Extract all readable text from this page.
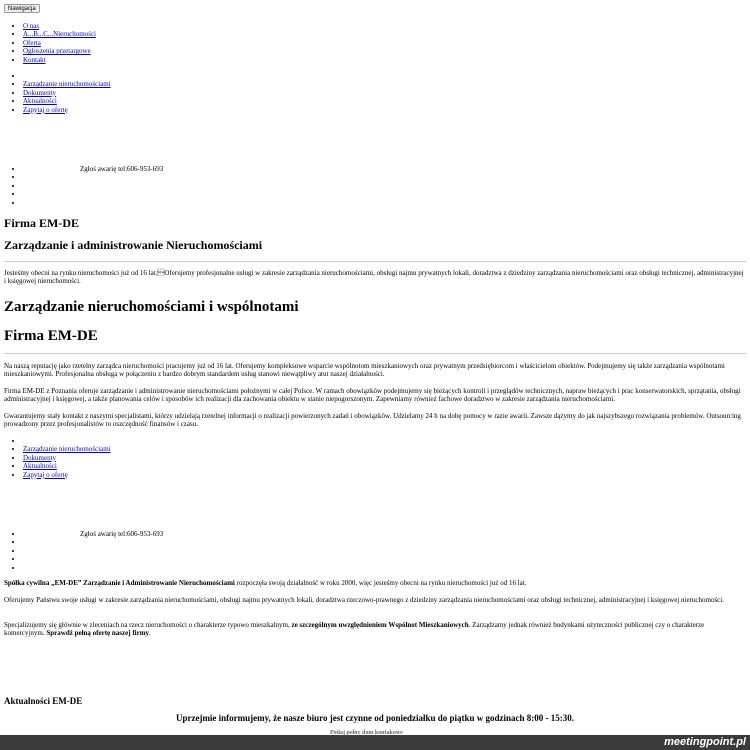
Nawigacja
• O nas
• A...B...C...Nieruchomości
• Oferta
• Ogłoszenia przetargowe
• Kontakt
•
• Zarządzanie nieruchomościami
• Dokumenty
• Aktualności
• Zapytaj o ofertę
•
•
•
•
•
Zgłoś awarię tel:606-953-693
Firma EM-DE
Zarządzanie i administrowanie Nieruchomościami

Jesteśmy obecni na rynku nieruchomości już od 16 lat.Oferujemy profesjonalne usługi w zakresie zarządzania nieruchomościami, obsługi najmu prywatnych lokali, doradztwa z dziedziny zarządzania nieruchomościami oraz obsługi technicznej, administracyjnej i księgowej nieruchomości.

Zarządzanie nieruchomościami i wspólnotami
Firma EM-DE

Na naszą reputację jako rzetelny zarządca nieruchomości pracujemy już od 16 lat. Oferujemy kompleksowe wsparcie wspólnotom mieszkaniowych oraz prywatnym przedsiębiorcom i właścicielom obiektów. Podejmujemy się także zarządzania wspólnotami mieszkaniowymi. Profesjonalna obsługa w połączeniu z bardzo dobrym standardem usług stanowi niewątpliwy atut naszej działalności.

Firma EM-DE z Poznania oferuje zarządzanie i administrowanie nieruchomościami położnymi w całej Polsce. W ramach obowiązków podejmujemy się bieżących kontroli i przeglądów technicznych, napraw bieżących i prac konserwatorskich, sprzątania, obsługi administracyjnej i księgowej, a także planowania celów i sposobów ich realizacji dla zachowania obiektu w stanie niepogorszonym. Zapewniamy również fachowe doradztwo w zakresie zarządzania nieruchomościami.

Gwarantujemy stały kontakt z naszymi specjalistami, którzy udzielają rzetelnej informacji o realizacji powierzonych zadań i obowiązków. Udzielamy 24 h na dobę pomocy w razie awarii. Zawsze dążymy do jak najszybszego rozwiązania problemów. Outsourcing prowadzony przez profesjonalistów to oszczędność finansów i czasu.

•
• Zarządzanie nieruchomościami
• Dokumenty
• Aktualności
• Zapytaj o ofertę
•
•
•
•
•
Zgłoś awarię tel:606-953-693

Spółka cywilna „EM-DE” Zarządzanie i Administrowanie Nieruchomościami rozpoczęła swoją działalność w roku 2000, więc jesteśmy obecni na rynku nieruchomości już od 16 lat.

Oferujemy Państwu swoje usługi w zakresie zarządzania nieruchomościami, obsługi najmu prywatnych lokali, doradztwa rzeczowo-prawnego z dziedziny zarządzania nieruchomościami oraz obsługi technicznej, administracyjnej i księgowej nieruchomości.

Specjalizujemy się głównie w zleceniach na rzecz nieruchomości o charakterze typowo mieszkalnym, ze szczególnym uwzględnieniem Wspólnot Mieszkaniowych. Zarządzamy jednak również budynkami użyteczności publicznej czy o charakterze komercyjnym. Sprawdź pełną ofertę naszej firmy.

Aktualności EM-DE
Uprzejmie informujemy, że nasze biuro jest czynne od poniedziałku do piątku w godzinach 8:00 - 15:30.
Podaj pełny dom kontakowe
meetingpoint.pl
